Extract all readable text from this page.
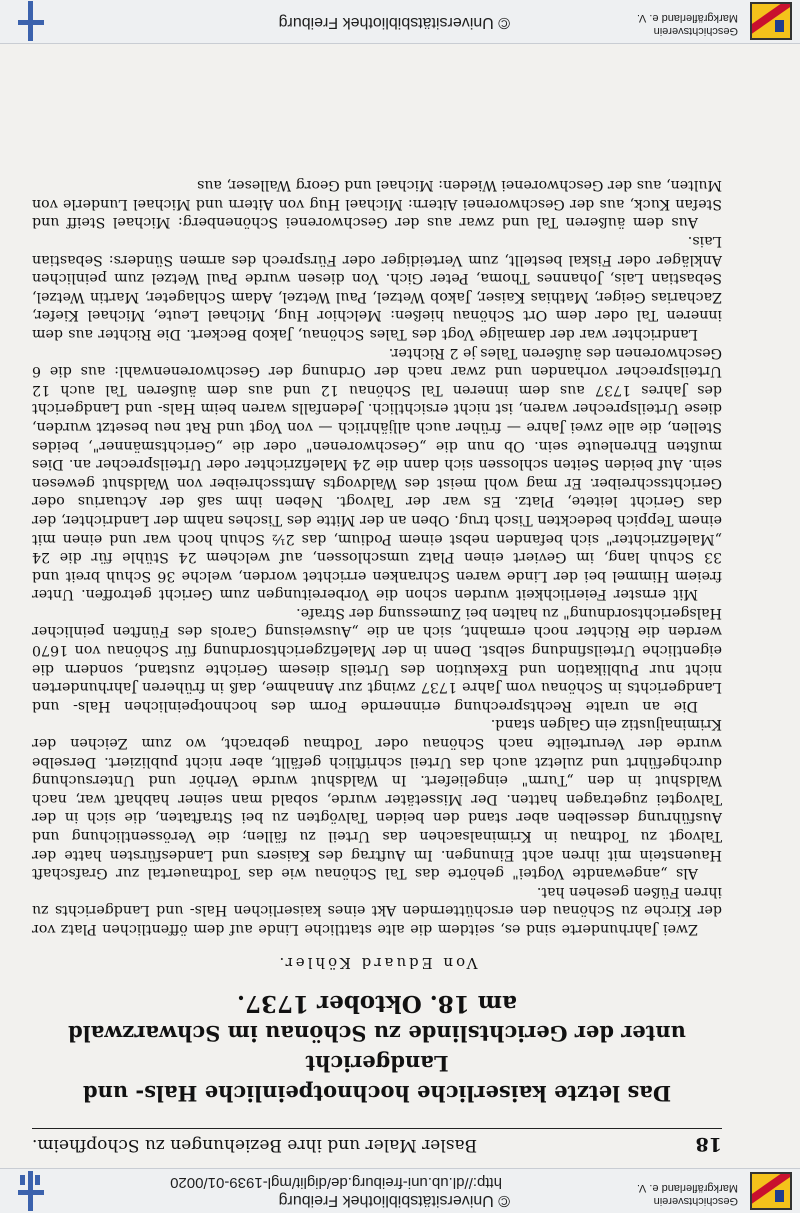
Geschichtsverein
Markgräflerland e. V.
© Universitätsbibliothek Freiburg
http://dl.ub.uni-freiburg.de/diglit/mgl-1939-01/0020
18
Basler Maler und ihre Beziehungen zu Schopfheim.

Das letzte kaiserliche hochnotpeinliche Hals- und Landgericht

unter der Gerichtslinde zu Schönau im Schwarzwald

am 18. Oktober 1737.

Von Eduard Köhler.

Zwei Jahrhunderte sind es, seitdem die alte stattliche Linde auf dem öffentlichen Platz vor der Kirche zu Schönau den erschütternden Akt eines kaiserlichen Hals- und Landgerichts zu ihren Füßen gesehen hat.

Als „angewandte Vogtei" gehörte das Tal Schönau wie das Todtnauertal zur Grafschaft Hauenstein mit ihren acht Einungen. Im Auftrag des Kaisers und Landesfürsten hatte der Talvogt zu Todtnau in Kriminalsachen das Urteil zu fällen; die Verössentlichung und Ausführung desselben aber stand den beiden Talvögten zu bei Straftaten, die sich in der Talvogtei zugetragen hatten. Der Missetäter wurde, sobald man seiner habhaft war, nach Waldshut in den „Turm" eingeliefert. In Waldshut wurde Verhör und Untersuchung durchgeführt und zuletzt auch das Urteil schriftlich gefällt, aber nicht publiziert. Derselbe wurde der Verurteilte nach Schönau oder Todtnau gebracht, wo zum Zeichen der Kriminaljustiz ein Galgen stand.

Die an uralte Rechtsprechung erinnernde Form des hochnotpeinlichen Hals- und Landgerichts in Schönau vom Jahre 1737 zwingt zur Annahme, daß in früheren Jahrhunderten nicht nur Publikation und Exekution des Urteils diesem Gerichte zustand, sondern die eigentliche Urteilsfindung selbst. Denn in der Malefizgerichtsordnung für Schönau von 1670 werden die Richter noch ermahnt, sich an die „Ausweisung Carols des Fünften peinlicher Halsgerichtsordnung" zu halten bei Zumessung der Strafe.

Mit ernster Feierlichkeit wurden schon die Vorbereitungen zum Gericht getroffen. Unter freiem Himmel bei der Linde waren Schranken errichtet worden, welche 36 Schuh breit und 33 Schuh lang, im Geviert einen Platz umschlossen, auf welchem 24 Stühle für die 24 „Malefizrichter" sich befanden nebst einem Podium, das 2½ Schuh hoch war und einen mit einem Teppich bedeckten Tisch trug. Oben an der Mitte des Tisches nahm der Landrichter, der das Gericht leitete, Platz. Es war der Talvogt. Neben ihm saß der Actuarius oder Gerichtsschreiber. Er mag wohl meist des Waldvogts Amtsschreiber von Waldshut gewesen sein. Auf beiden Seiten schlossen sich dann die 24 Malefizrichter oder Urteilsprecher an. Dies mußten Ehrenleute sein. Ob nun die „Geschworenen" oder die „Gerichtsmänner", beides Stellen, die alle zwei Jahre — früher auch alljährlich — von Vogt und Rat neu besetzt wurden, diese Urteilsprecher waren, ist nicht ersichtlich. Jedenfalls waren beim Hals- und Landgericht des Jahres 1737 aus dem inneren Tal Schönau 12 und aus dem äußeren Tal auch 12 Urteilsprecher vorhanden und zwar nach der Ordnung der Geschworenenwahl: aus die 6 Geschworenen des äußeren Tales je 2 Richter.

Landrichter war der damalige Vogt des Tales Schönau, Jakob Beckert. Die Richter aus dem inneren Tal oder dem Ort Schönau hießen: Melchior Hug, Michael Leute, Michael Kiefer, Zacharias Geiger, Mathias Kaiser, Jakob Wetzel, Paul Wetzel, Adam Schlageter, Martin Wetzel, Sebastian Lais, Johannes Thoma, Peter Gich. Von diesen wurde Paul Wetzel zum peinlichen Ankläger oder Fiskal bestellt, zum Verteidiger oder Fürsprech des armen Sünders: Sebastian Lais.

Aus dem äußeren Tal und zwar aus der Geschworenei Schönenberg: Michael Steiff und Stefan Kuck, aus der Geschworenei Aitern: Michael Hug von Aitern und Michael Lunderle von Multen, aus der Geschworenei Wieden: Michael und Georg Walleser, aus

Geschichtsverein
Markgräflerland e. V.
© Universitätsbibliothek Freiburg
